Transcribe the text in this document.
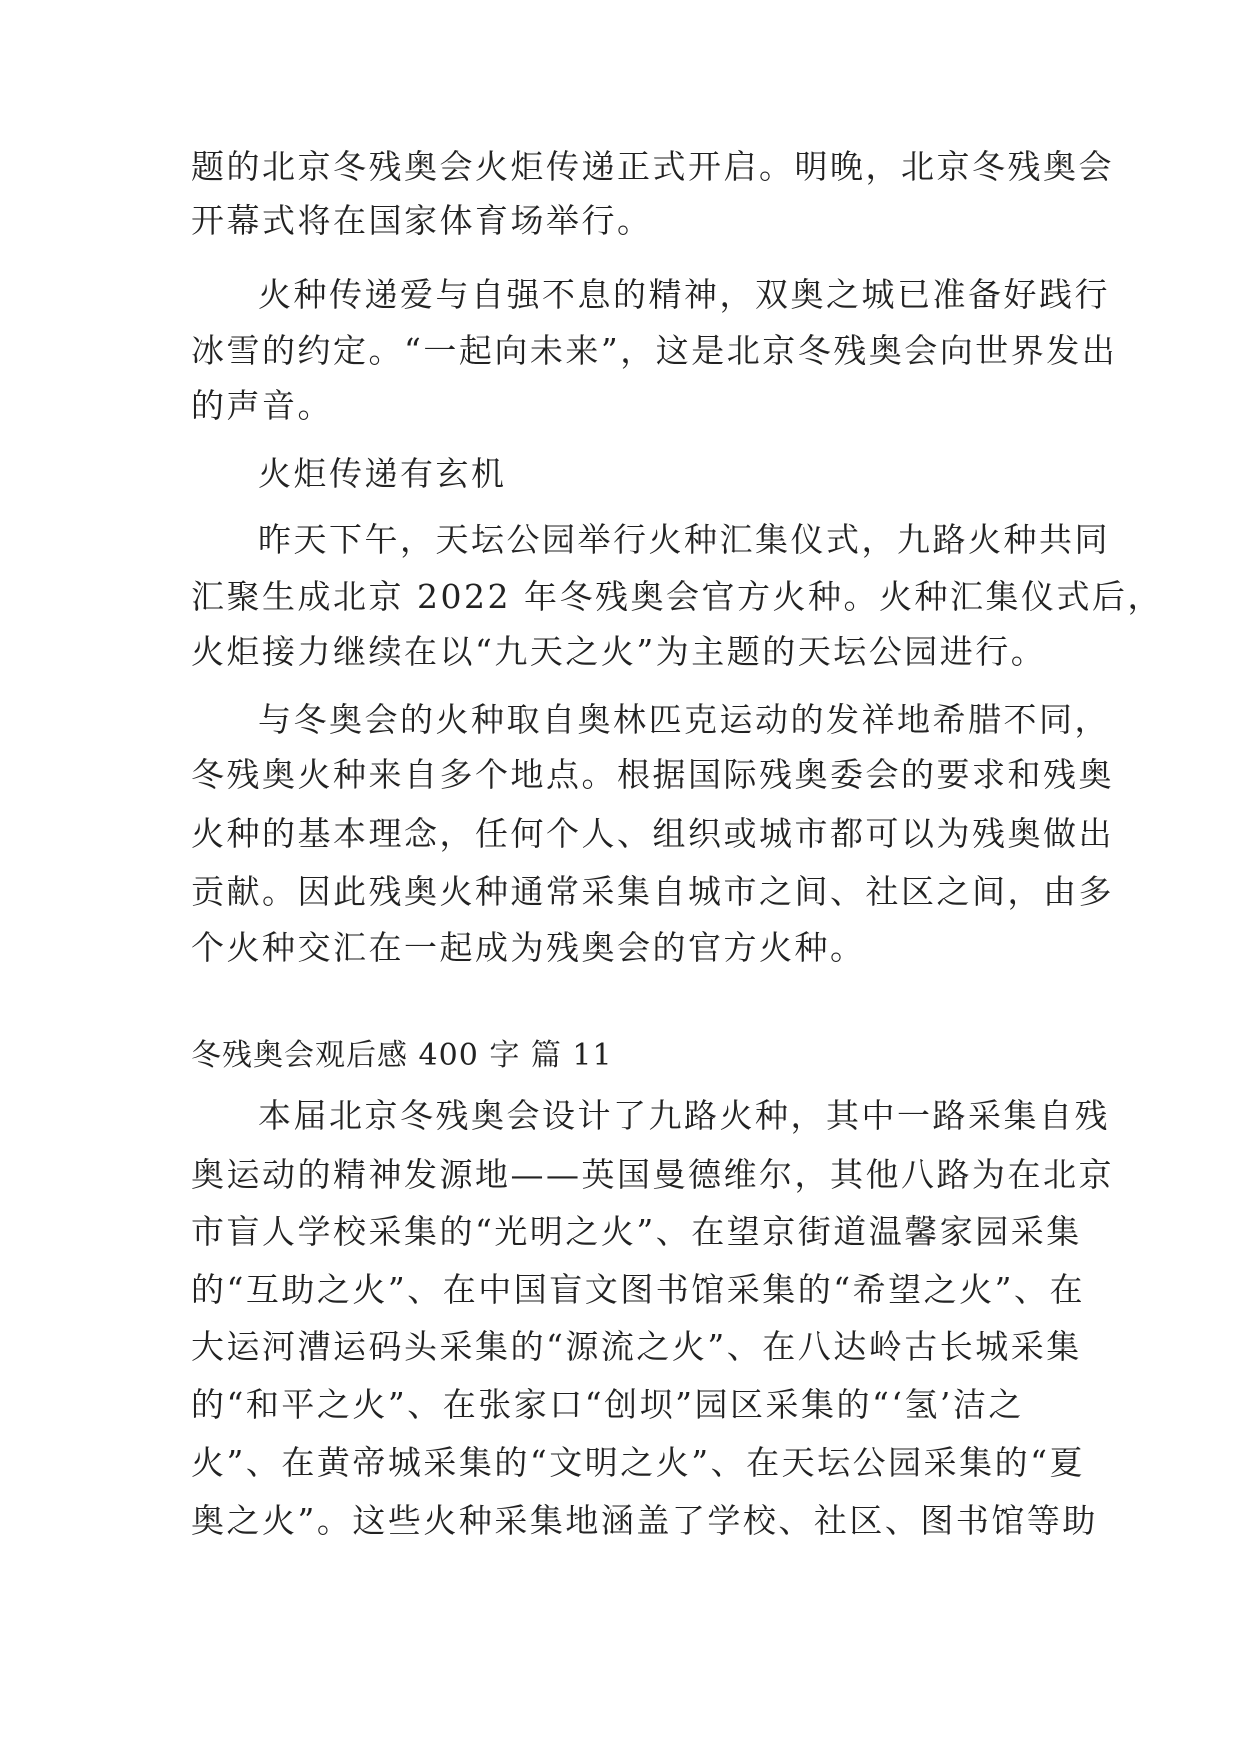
题的北京冬残奥会火炬传递正式开启。明晚，北京冬残奥会
开幕式将在国家体育场举行。
火种传递爱与自强不息的精神，双奥之城已准备好践行
冰雪的约定。“一起向未来”，这是北京冬残奥会向世界发出
的声音。
火炬传递有玄机
昨天下午，天坛公园举行火种汇集仪式，九路火种共同
汇聚生成北京 2022 年冬残奥会官方火种。火种汇集仪式后，
火炬接力继续在以“九天之火”为主题的天坛公园进行。
与冬奥会的火种取自奥林匹克运动的发祥地希腊不同，
冬残奥火种来自多个地点。根据国际残奥委会的要求和残奥
火种的基本理念，任何个人、组织或城市都可以为残奥做出
贡献。因此残奥火种通常采集自城市之间、社区之间，由多
个火种交汇在一起成为残奥会的官方火种。
冬残奥会观后感 400 字 篇 11
本届北京冬残奥会设计了九路火种，其中一路采集自残
奥运动的精神发源地——英国曼德维尔，其他八路为在北京
市盲人学校采集的“光明之火”、在望京街道温馨家园采集
的“互助之火”、在中国盲文图书馆采集的“希望之火”、在
大运河漕运码头采集的“源流之火”、在八达岭古长城采集
的“和平之火”、在张家口“创坝”园区采集的“‘氢’洁之
火”、在黄帝城采集的“文明之火”、在天坛公园采集的“夏
奥之火”。这些火种采集地涵盖了学校、社区、图书馆等助
